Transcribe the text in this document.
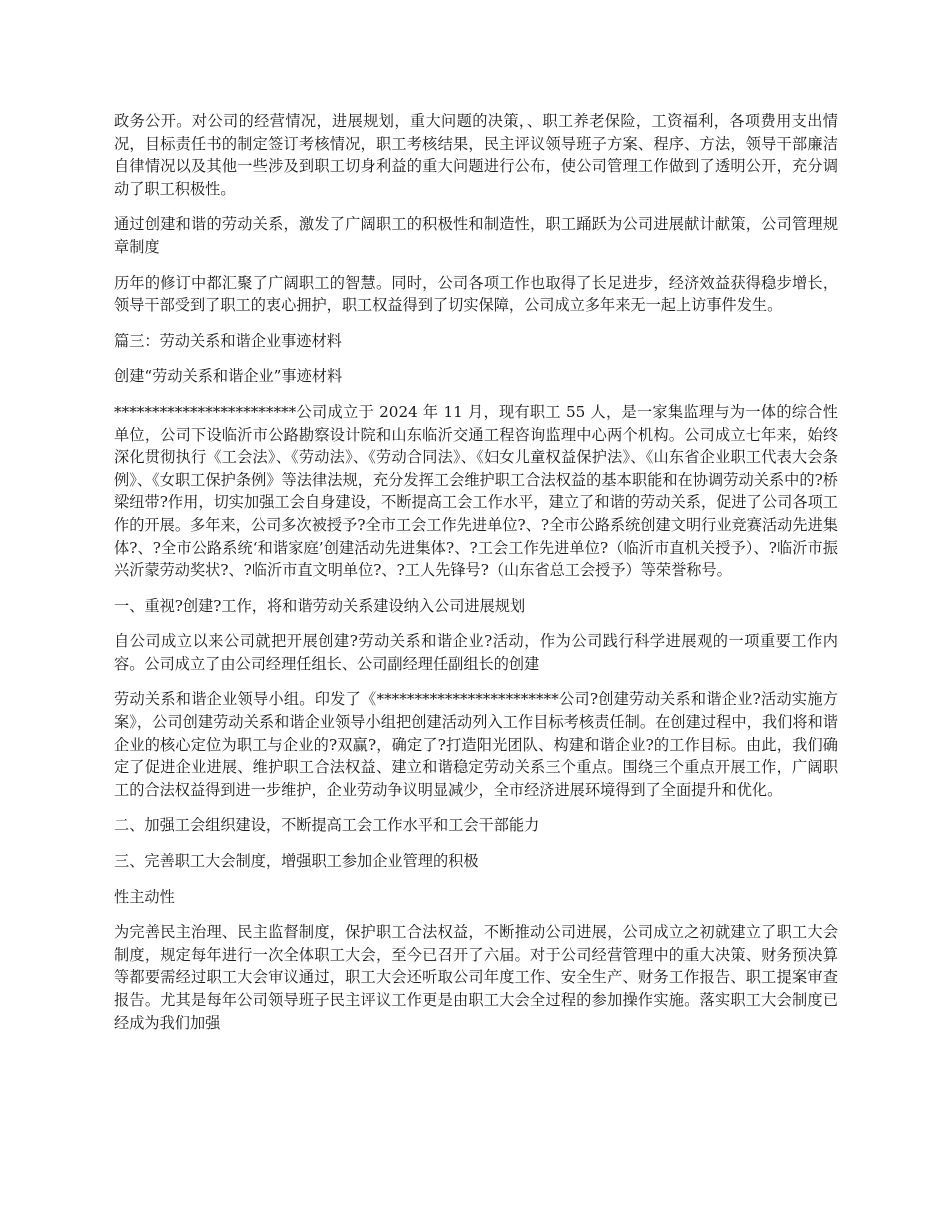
政务公开。对公司的经营情况，进展规划，重大问题的决策，、职工养老保险，工资福利，各项费用支出情况，目标责任书的制定签订考核情况，职工考核结果，民主评议领导班子方案、程序、方法，领导干部廉洁自律情况以及其他一些涉及到职工切身利益的重大问题进行公布，使公司管理工作做到了透明公开，充分调动了职工积极性。

通过创建和谐的劳动关系，激发了广阔职工的积极性和制造性，职工踊跃为公司进展献计献策，公司管理规章制度

历年的修订中都汇聚了广阔职工的智慧。同时，公司各项工作也取得了长足进步，经济效益获得稳步增长，领导干部受到了职工的衷心拥护，职工权益得到了切实保障，公司成立多年来无一起上访事件发生。

篇三：劳动关系和谐企业事迹材料

创建“劳动关系和谐企业”事迹材料

************************公司成立于 2024 年 11 月，现有职工 55 人，是一家集监理与为一体的综合性单位，公司下设临沂市公路勘察设计院和山东临沂交通工程咨询监理中心两个机构。公司成立七年来，始终深化贯彻执行《工会法》、《劳动法》、《劳动合同法》、《妇女儿童权益保护法》、《山东省企业职工代表大会条例》、《女职工保护条例》等法律法规，充分发挥工会维护职工合法权益的基本职能和在协调劳动关系中的?桥梁纽带?作用，切实加强工会自身建设，不断提高工会工作水平，建立了和谐的劳动关系，促进了公司各项工作的开展。多年来，公司多次被授予?全市工会工作先进单位?、?全市公路系统创建文明行业竞赛活动先进集体?、?全市公路系统‘和谐家庭’创建活动先进集体?、?工会工作先进单位?（临沂市直机关授予）、?临沂市振兴沂蒙劳动奖状?、?临沂市直文明单位?、?工人先锋号?（山东省总工会授予）等荣誉称号。

一、重视?创建?工作，将和谐劳动关系建设纳入公司进展规划

自公司成立以来公司就把开展创建?劳动关系和谐企业?活动，作为公司践行科学进展观的一项重要工作内容。公司成立了由公司经理任组长、公司副经理任副组长的创建

劳动关系和谐企业领导小组。印发了《************************公司?创建劳动关系和谐企业?活动实施方案》，公司创建劳动关系和谐企业领导小组把创建活动列入工作目标考核责任制。在创建过程中，我们将和谐企业的核心定位为职工与企业的?双赢?，确定了?打造阳光团队、构建和谐企业?的工作目标。由此，我们确定了促进企业进展、维护职工合法权益、建立和谐稳定劳动关系三个重点。围绕三个重点开展工作，广阔职工的合法权益得到进一步维护，企业劳动争议明显减少，全市经济进展环境得到了全面提升和优化。

二、加强工会组织建设，不断提高工会工作水平和工会干部能力

三、完善职工大会制度，增强职工参加企业管理的积极

性主动性

为完善民主治理、民主监督制度，保护职工合法权益，不断推动公司进展，公司成立之初就建立了职工大会制度，规定每年进行一次全体职工大会，至今已召开了六届。对于公司经营管理中的重大决策、财务预决算等都要需经过职工大会审议通过，职工大会还听取公司年度工作、安全生产、财务工作报告、职工提案审查报告。尤其是每年公司领导班子民主评议工作更是由职工大会全过程的参加操作实施。落实职工大会制度已经成为我们加强
